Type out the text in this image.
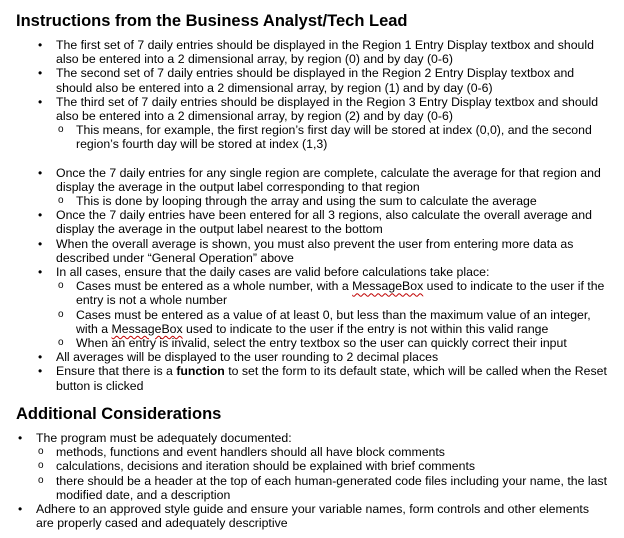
Instructions from the Business Analyst/Tech Lead
•	The first set of 7 daily entries should be displayed in the Region 1 Entry Display textbox and should also be entered into a 2 dimensional array, by region (0) and by day (0-6)
•	The second set of 7 daily entries should be displayed in the Region 2 Entry Display textbox and should also be entered into a 2 dimensional array, by region (1) and by day (0-6)
•	The third set of 7 daily entries should be displayed in the Region 3 Entry Display textbox and should also be entered into a 2 dimensional array, by region (2) and by day (0-6)
o	This means, for example, the first region’s first day will be stored at index (0,0), and the second region’s fourth day will be stored at index (1,3)
•	Once the 7 daily entries for any single region are complete, calculate the average for that region and display the average in the output label corresponding to that region
o	This is done by looping through the array and using the sum to calculate the average
•	Once the 7 daily entries have been entered for all 3 regions, also calculate the overall average and display the average in the output label nearest to the bottom
•	When the overall average is shown, you must also prevent the user from entering more data as described under “General Operation” above
•	In all cases, ensure that the daily cases are valid before calculations take place:
o	Cases must be entered as a whole number, with a MessageBox used to indicate to the user if the entry is not a whole number
o	Cases must be entered as a value of at least 0, but less than the maximum value of an integer, with a MessageBox used to indicate to the user if the entry is not within this valid range
o	When an entry is invalid, select the entry textbox so the user can quickly correct their input
•	All averages will be displayed to the user rounding to 2 decimal places
•	Ensure that there is a function to set the form to its default state, which will be called when the Reset button is clicked
Additional Considerations
•	The program must be adequately documented:
o	methods, functions and event handlers should all have block comments
o	calculations, decisions and iteration should be explained with brief comments
o	there should be a header at the top of each human-generated code files including your name, the last modified date, and a description
•	Adhere to an approved style guide and ensure your variable names, form controls and other elements are properly cased and adequately descriptive
